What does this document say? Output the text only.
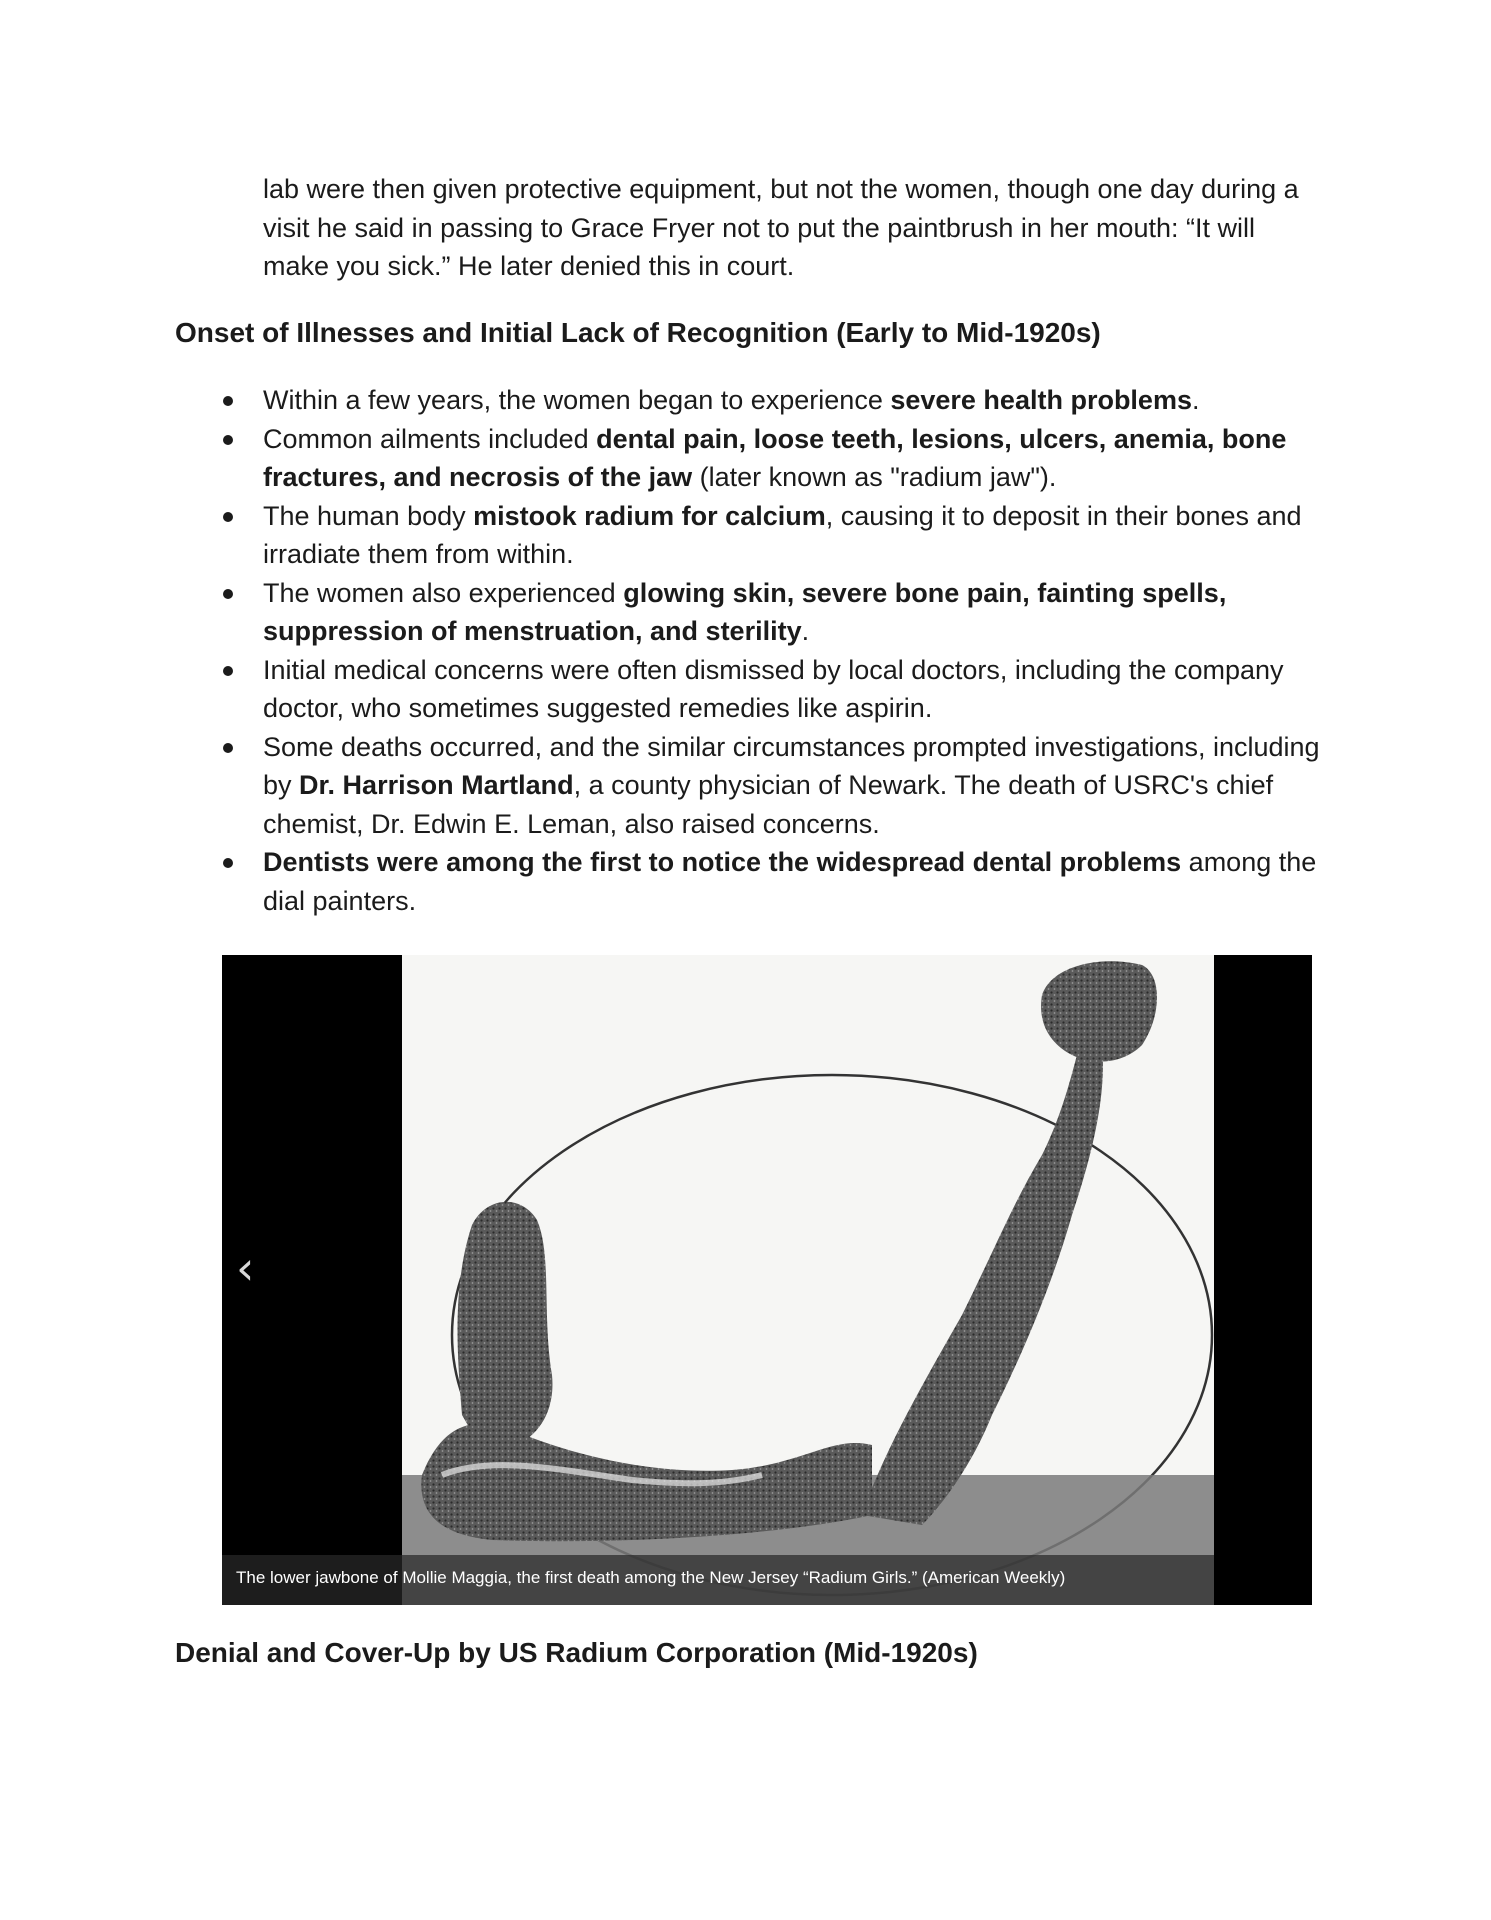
lab were then given protective equipment, but not the women, though one day during a visit he said in passing to Grace Fryer not to put the paintbrush in her mouth: “It will make you sick.” He later denied this in court.

Onset of Illnesses and Initial Lack of Recognition (Early to Mid-1920s)
Within a few years, the women began to experience severe health problems.
Common ailments included dental pain, loose teeth, lesions, ulcers, anemia, bone fractures, and necrosis of the jaw (later known as "radium jaw").
The human body mistook radium for calcium, causing it to deposit in their bones and irradiate them from within.
The women also experienced glowing skin, severe bone pain, fainting spells, suppression of menstruation, and sterility.
Initial medical concerns were often dismissed by local doctors, including the company doctor, who sometimes suggested remedies like aspirin.
Some deaths occurred, and the similar circumstances prompted investigations, including by Dr. Harrison Martland, a county physician of Newark. The death of USRC's chief chemist, Dr. Edwin E. Leman, also raised concerns.
Dentists were among the first to notice the widespread dental problems among the dial painters.
‹
The lower jawbone of Mollie Maggia, the first death among the New Jersey “Radium Girls.” (American Weekly)
Denial and Cover-Up by US Radium Corporation (Mid-1920s)
